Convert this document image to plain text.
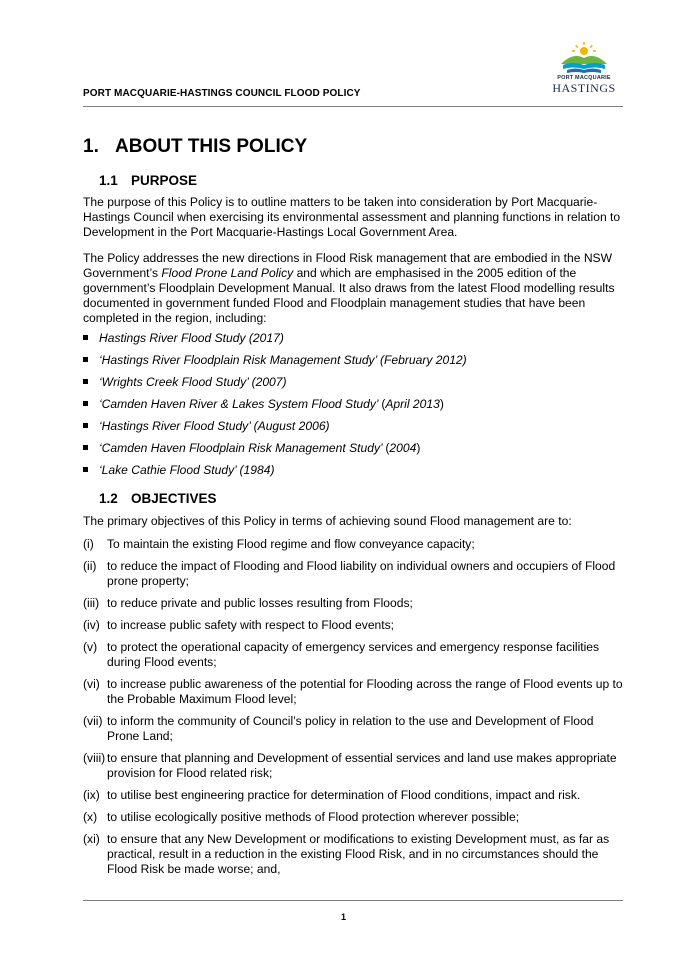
PORT MACQUARIE-HASTINGS COUNCIL FLOOD POLICY
PORT MACQUARIE
HASTINGS
1. ABOUT THIS POLICY
1.1 PURPOSE
The purpose of this Policy is to outline matters to be taken into consideration by Port Macquarie-Hastings Council when exercising its environmental assessment and planning functions in relation to Development in the Port Macquarie-Hastings Local Government Area.
The Policy addresses the new directions in Flood Risk management that are embodied in the NSW Government’s Flood Prone Land Policy and which are emphasised in the 2005 edition of the government’s Floodplain Development Manual. It also draws from the latest Flood modelling results documented in government funded Flood and Floodplain management studies that have been completed in the region, including:
Hastings River Flood Study (2017)
‘Hastings River Floodplain Risk Management Study’ (February 2012)
‘Wrights Creek Flood Study’ (2007)
‘Camden Haven River & Lakes System Flood Study’ (April 2013)
‘Hastings River Flood Study’ (August 2006)
‘Camden Haven Floodplain Risk Management Study’ (2004)
‘Lake Cathie Flood Study’ (1984)
1.2 OBJECTIVES
The primary objectives of this Policy in terms of achieving sound Flood management are to:
(i) To maintain the existing Flood regime and flow conveyance capacity;
(ii) to reduce the impact of Flooding and Flood liability on individual owners and occupiers of Flood prone property;
(iii) to reduce private and public losses resulting from Floods;
(iv) to increase public safety with respect to Flood events;
(v) to protect the operational capacity of emergency services and emergency response facilities during Flood events;
(vi) to increase public awareness of the potential for Flooding across the range of Flood events up to the Probable Maximum Flood level;
(vii) to inform the community of Council’s policy in relation to the use and Development of Flood Prone Land;
(viii) to ensure that planning and Development of essential services and land use makes appropriate provision for Flood related risk;
(ix) to utilise best engineering practice for determination of Flood conditions, impact and risk.
(x) to utilise ecologically positive methods of Flood protection wherever possible;
(xi) to ensure that any New Development or modifications to existing Development must, as far as practical, result in a reduction in the existing Flood Risk, and in no circumstances should the Flood Risk be made worse; and,
1
